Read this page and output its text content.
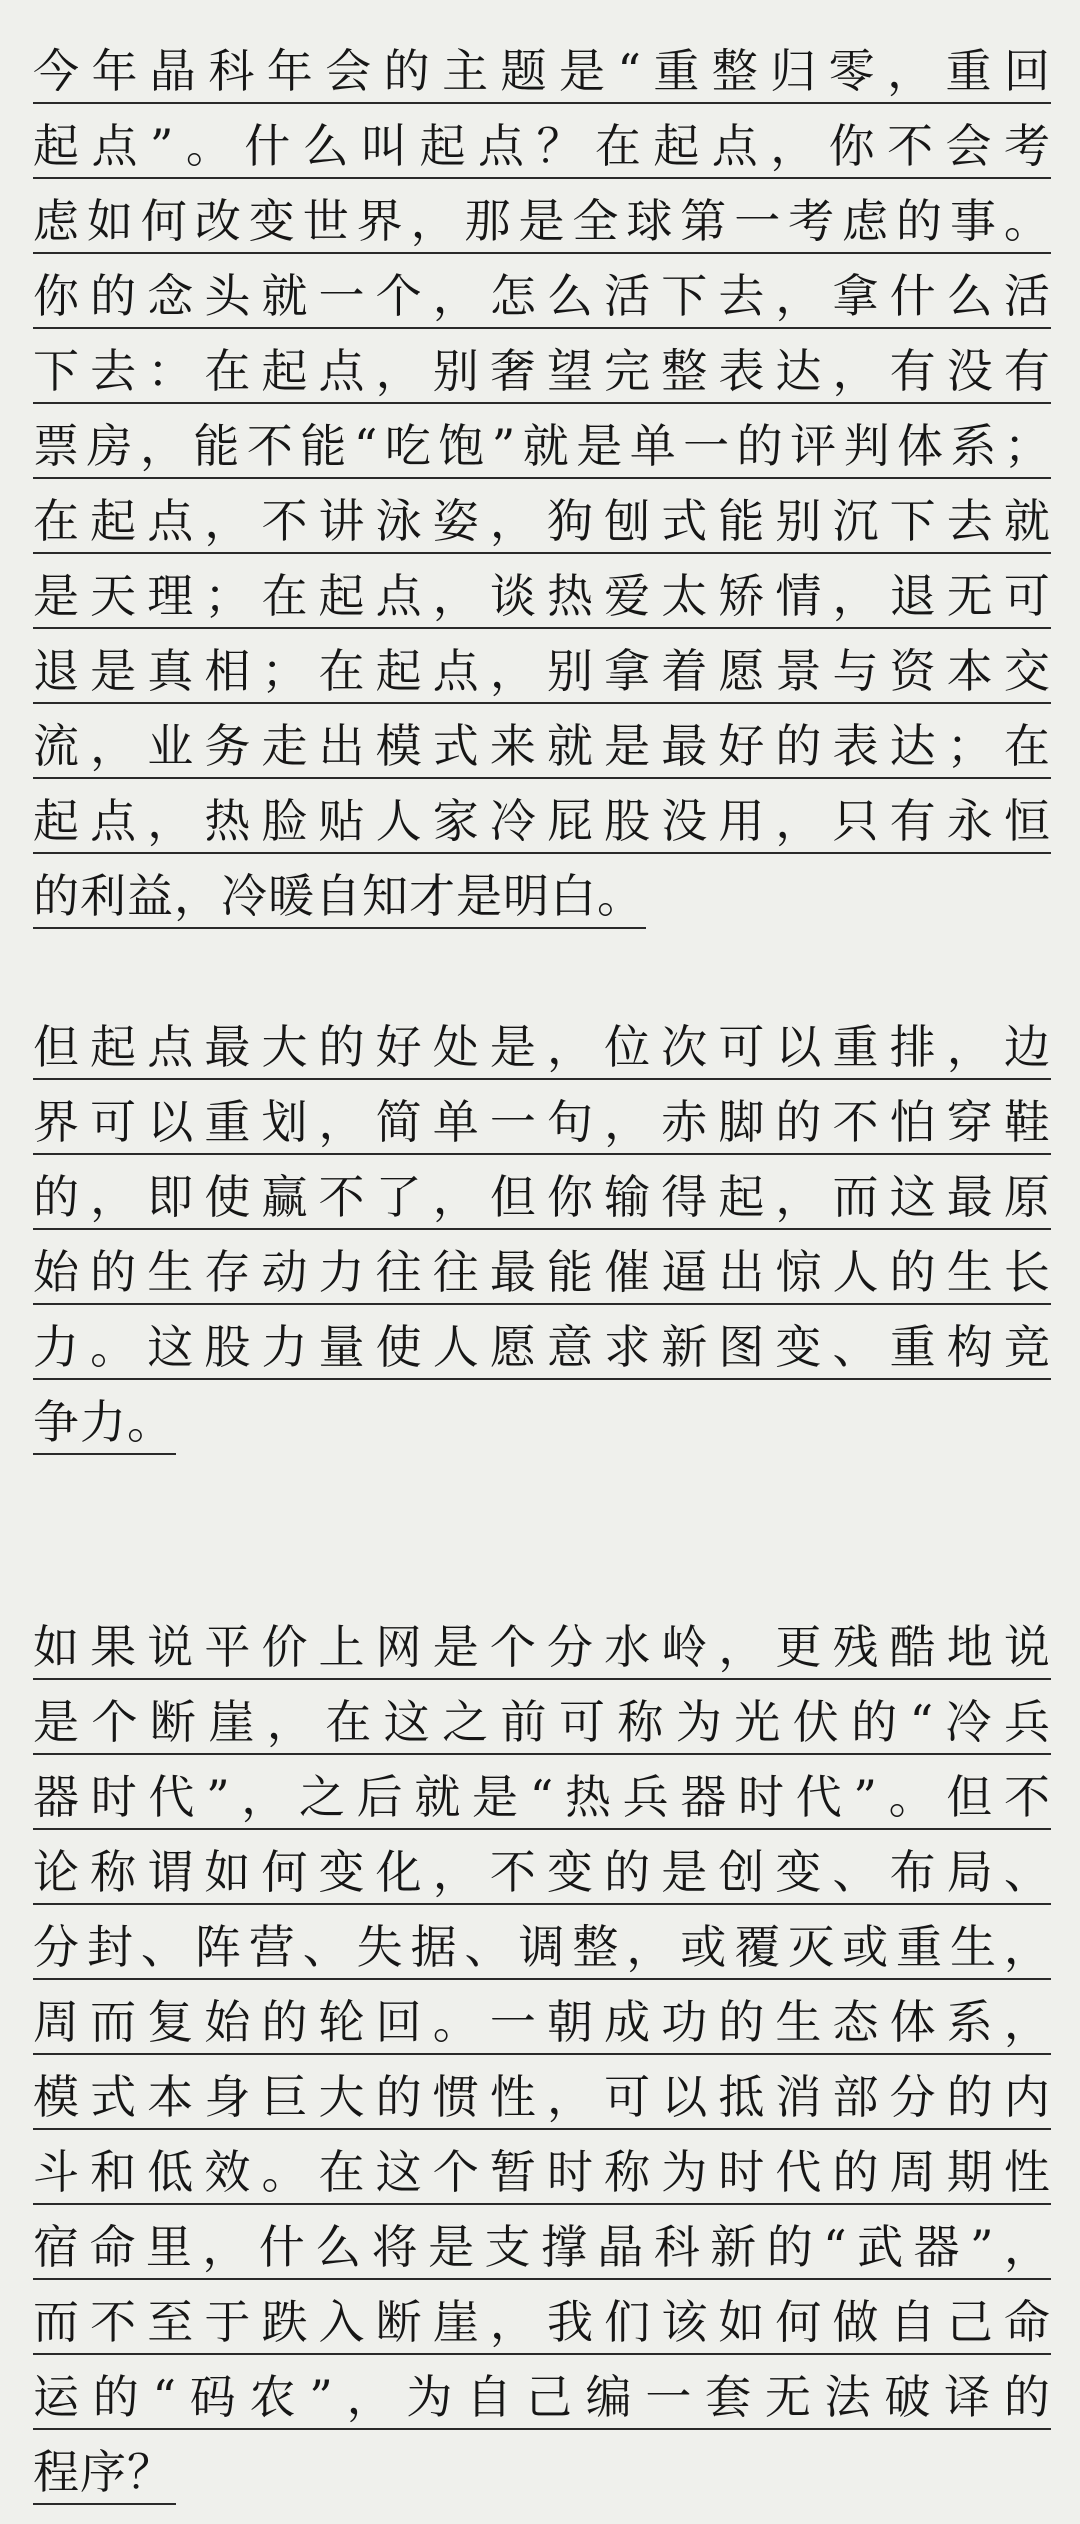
今 年 晶 科 年 会 的 主 题 是 “ 重 整 归 零 ， 重 回
起 点 ” 。 什 么 叫 起 点 ？ 在 起 点 ， 你 不 会 考
虑 如 何 改 变 世 界 ， 那 是 全 球 第 一 考 虑 的 事 。
你 的 念 头 就 一 个 ， 怎 么 活 下 去 ， 拿 什 么 活
下 去 ： 在 起 点 ， 别 奢 望 完 整 表 达 ， 有 没 有
票 房 ， 能 不 能 “ 吃 饱 ” 就 是 单 一 的 评 判 体 系 ；
在 起 点 ， 不 讲 泳 姿 ， 狗 刨 式 能 别 沉 下 去 就
是 天 理 ； 在 起 点 ， 谈 热 爱 太 矫 情 ， 退 无 可
退 是 真 相 ； 在 起 点 ， 别 拿 着 愿 景 与 资 本 交
流 ， 业 务 走 出 模 式 来 就 是 最 好 的 表 达 ； 在
起 点 ， 热 脸 贴 人 家 冷 屁 股 没 用 ， 只 有 永 恒
的利益，冷暖自知才是明白。
但 起 点 最 大 的 好 处 是 ， 位 次 可 以 重 排 ， 边
界 可 以 重 划 ， 简 单 一 句 ， 赤 脚 的 不 怕 穿 鞋
的 ， 即 使 赢 不 了 ， 但 你 输 得 起 ， 而 这 最 原
始 的 生 存 动 力 往 往 最 能 催 逼 出 惊 人 的 生 长
力 。 这 股 力 量 使 人 愿 意 求 新 图 变 、 重 构 竞
争力。
如 果 说 平 价 上 网 是 个 分 水 岭 ， 更 残 酷 地 说
是 个 断 崖 ， 在 这 之 前 可 称 为 光 伏 的 “ 冷 兵
器 时 代 ” ， 之 后 就 是 “ 热 兵 器 时 代 ” 。 但 不
论 称 谓 如 何 变 化 ， 不 变 的 是 创 变 、 布 局 、
分 封 、 阵 营 、 失 据 、 调 整 ， 或 覆 灭 或 重 生 ，
周 而 复 始 的 轮 回 。 一 朝 成 功 的 生 态 体 系 ，
模 式 本 身 巨 大 的 惯 性 ， 可 以 抵 消 部 分 的 内
斗 和 低 效 。 在 这 个 暂 时 称 为 时 代 的 周 期 性
宿 命 里 ， 什 么 将 是 支 撑 晶 科 新 的 “ 武 器 ” ，
而 不 至 于 跌 入 断 崖 ， 我 们 该 如 何 做 自 己 命
运 的 “ 码 农 ” ， 为 自 己 编 一 套 无 法 破 译 的
程序？
